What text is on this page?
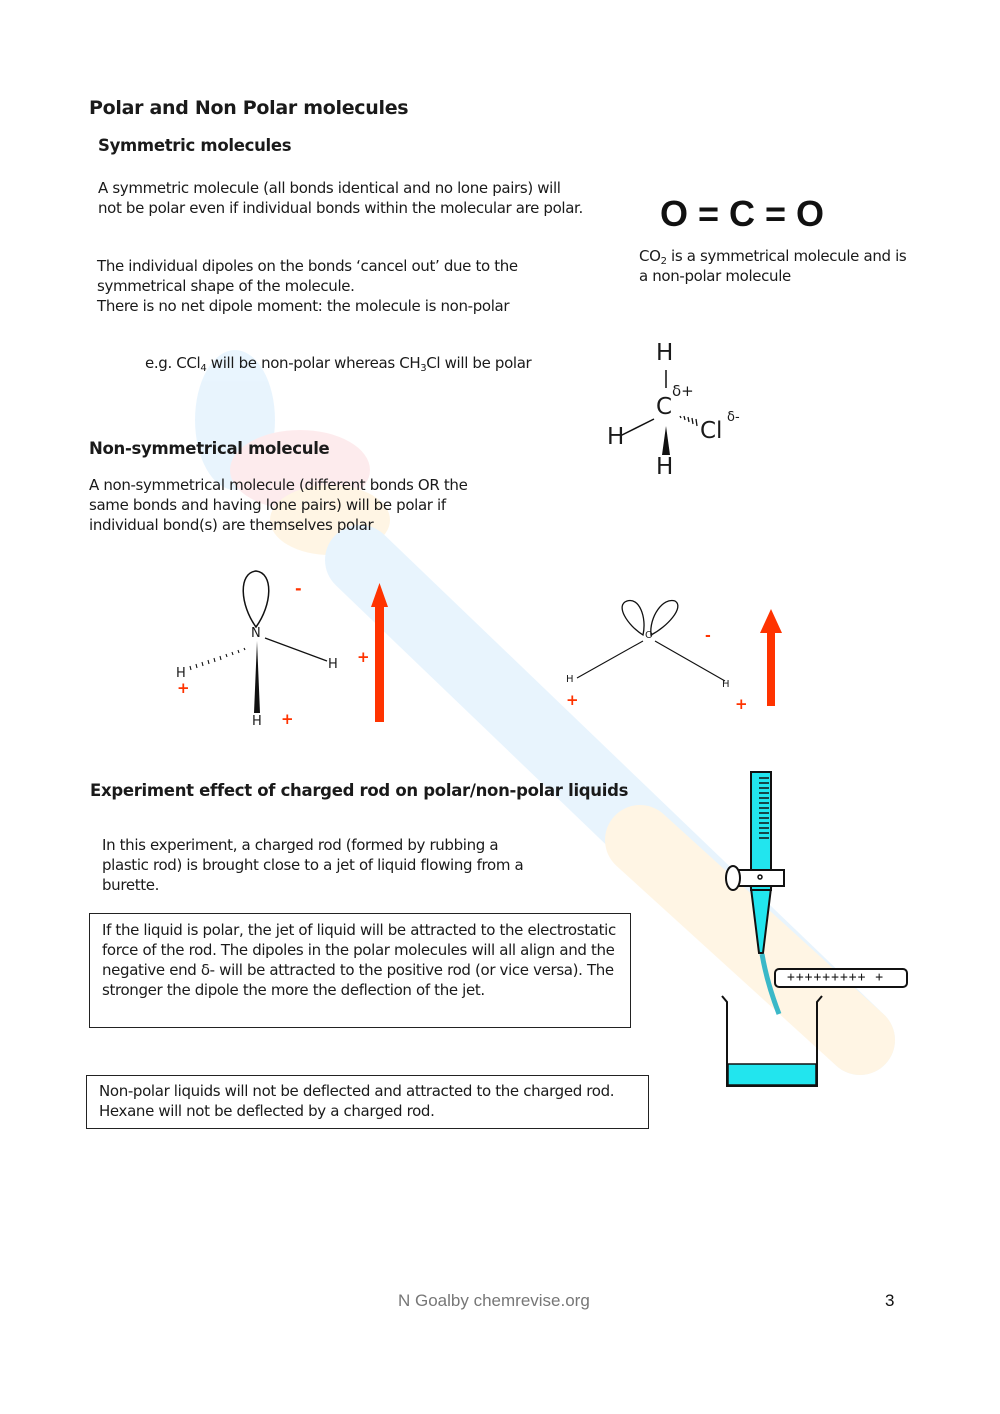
Polar and Non Polar molecules
Symmetric molecules
A symmetric molecule (all bonds identical and no lone pairs) will not be polar even if individual bonds within the molecular are polar.
The individual dipoles on the bonds ‘cancel out’ due to the symmetrical shape of the molecule.
There is no net dipole moment: the molecule is non-polar
e.g. CCl$_4$ will be non-polar whereas $CH_3Cl$ will be polar
O = C = O
$CO_2$ is a symmetrical molecule and is a non-polar molecule
H
C
δ+
H	Cl
δ-
H
Non-symmetrical molecule
A non-symmetrical molecule (different bonds OR the same bonds and having lone pairs) will be polar if individual bond(s) are themselves polar
N
H
H
H
-
+
+
+
O
H	H
-
+	+
Experiment effect of charged rod on polar/non-polar liquids
In this experiment, a charged rod (formed by rubbing a plastic rod) is brought close to a jet of liquid flowing from a burette.
If the liquid is polar, the jet of liquid will be attracted to the electrostatic force of the rod. The dipoles in the polar molecules will all align and the negative end δ- will be attracted to the positive rod (or vice versa). The stronger the dipole the more the deflection of the jet.
Non-polar liquids will not be deflected and attracted to the charged rod. Hexane will not be deflected by a charged rod.
+++++++++ +
N Goalby chemrevise.org	3
